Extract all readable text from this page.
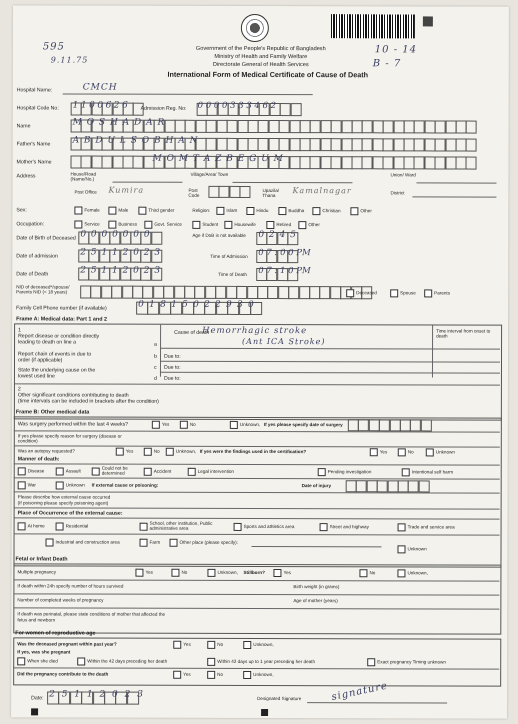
595
9.11.75
10 - 14
B - 7
Government of the People's Republic of Bangladesh
Ministry of Health and Family Welfare
Directorate General of Health Services
International Form of Medical Certificate of Cause of Death
Hospital Name:	CMCH
Hospital Code No: 1100626 Admission Reg. No: 0 0 0 0 3 3 3 4 6 2
Name	M O S H A D A R
Father's Name A B D U L S O B H A N
Mother's Name	M O M T A Z B E G U M
Address	House/Road (Name/No.)
Village/Area/ Town	Union/ Ward
Post Office Kumira	Post Code
Upazila/ Thana
Kamalnagar	District
Sex:	Female	Male	Third gender	Religion:	Islam	Hindu	Buddha	Christian	Other
Occupation:	Service	Business	Govt. Service	Student	Housewife	Retired	Other
Date of Birth of Deceased 0 0 0 0 0 0 0	Age if DoB is not available	0 2 4 5
Date of admission 2 5 1 1 2 0 2 3	Time of Admission 0 7 : 0 0 PM
Date of Death	2 5 1 1 2 0 2 3	Time of Death 0 7 : 1 0 PM
NID of deceased*/spouse/ Parents NID (< 18 years)	Deceased	Spouse	Parents
Family Cell Phone number (if available)	0 1 8 1 5 0 2 2 9 3 0
Frame A: Medical data: Part 1 and 2
1
Report disease or condition directly
leading to death on line a
Cause of death	Time interval from onset to death
a
Hemorrhagic stroke
(Ant ICA Stroke)
Report chain of events in due to
order (if applicable)
b Due to:
State the underlying cause on the
lowest used line
c Due to:
d Due to:
2
Other significant conditions contributing to death
(time intervals can be included in brackets after the condition)
Frame B: Other medical data
Was surgery performed within the last 4 weeks?	Yes	No	Unknown, If yes please specify date of surgery
If yes please specify reason for surgery (disease or condition)
Was an autopsy requested?	Yes	No	Unknown, If yes were the findings used in the certification?	Yes	No	Unknown
Manner of death:
Disease	Assault
Could not be determined	Accident	Legal intervention	Pending investigation	Intentional self harm
War	Unknown If external cause or poisoning:	Date of injury
Please describe how external cause occurred
(If poisoning please specify poisoning agent)
Place of Occurrence of the external cause:
At home	Residential
School, other institution, Public administrative area	Sports and athletics area	Street and highway	Trade and service area
Industrial and construction area	Farm	Other place (please specify):
Unknown
Fetal or Infant Death
Multiple pregnancy	Yes	No	Unknown, Stillborn?	Yes	No	Unknown,
If death within 24h specify number of hours survived	Birth weight (in grams)
Number of completed weeks of pregnancy	Age of mother (years)
If death was perinatal, please state conditions of mother that affected the
fetus and newborn
For women of reproductive age
Was the deceased pregnant within past year?	Yes	No	Unknown,
If yes, was she pregnant
When she died	Within the 42 days preceding her death	Within 43 days up to 1 year preceding her death	Exact pregnancy Timing unknown
Did the pregnancy contribute to the death	Yes	No	Unknown,
Date: 2 5 1 1 2 0 2 3	Designated Signature	signature
